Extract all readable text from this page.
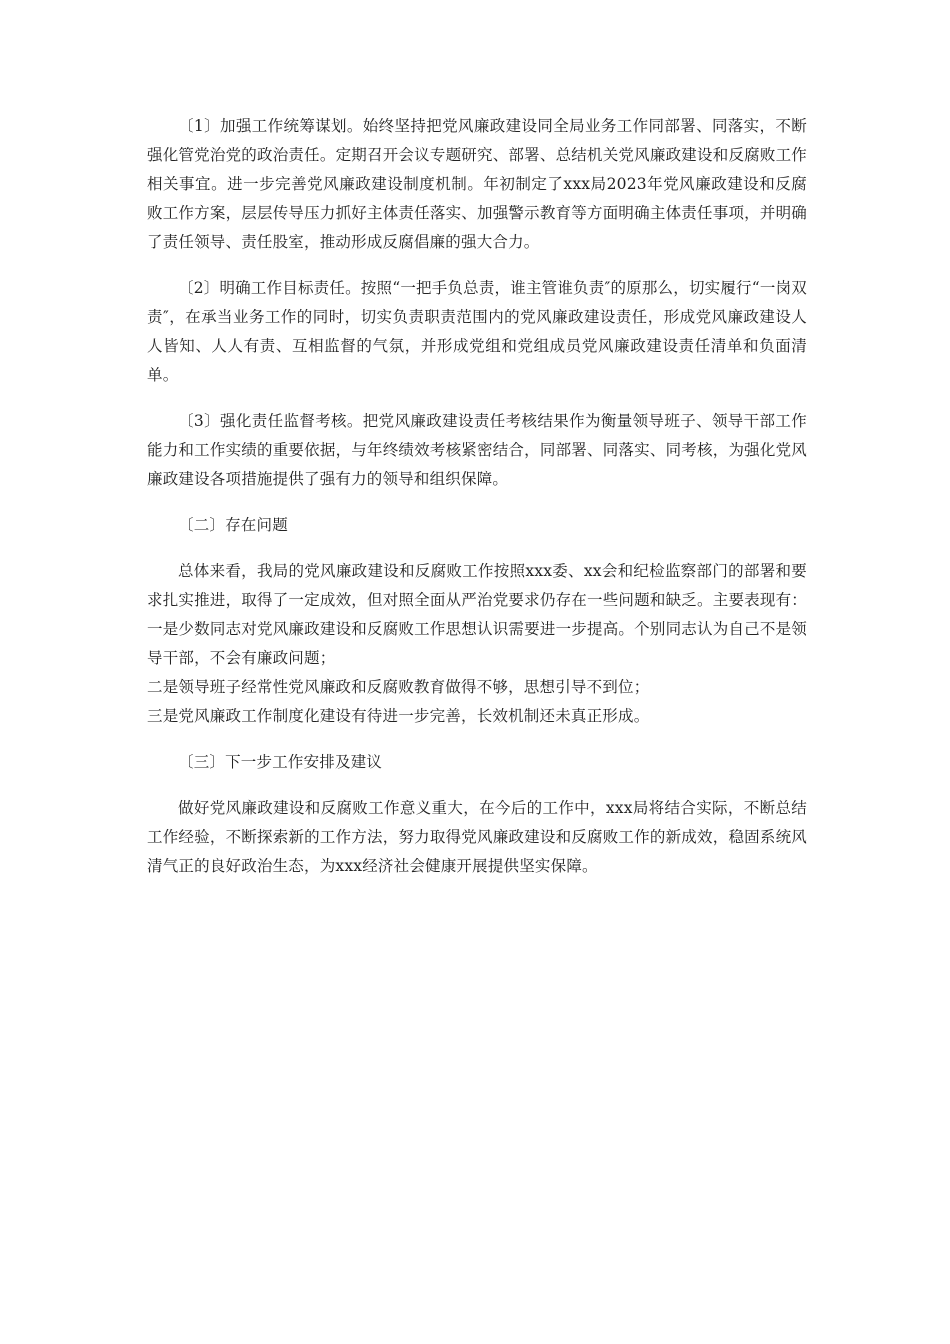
〔1〕加强工作统筹谋划。始终坚持把党风廉政建设同全局业务工作同部署、同落实，不断强化管党治党的政治责任。定期召开会议专题研究、部署、总结机关党风廉政建设和反腐败工作相关事宜。进一步完善党风廉政建设制度机制。年初制定了xxx局2023年党风廉政建设和反腐败工作方案，层层传导压力抓好主体责任落实、加强警示教育等方面明确主体责任事项，并明确了责任领导、责任股室，推动形成反腐倡廉的强大合力。

〔2〕明确工作目标责任。按照“一把手负总责，谁主管谁负责″的原那么，切实履行“一岗双责″，在承当业务工作的同时，切实负责职责范围内的党风廉政建设责任，形成党风廉政建设人人皆知、人人有责、互相监督的气氛，并形成党组和党组成员党风廉政建设责任清单和负面清单。

〔3〕强化责任监督考核。把党风廉政建设责任考核结果作为衡量领导班子、领导干部工作能力和工作实绩的重要依据，与年终绩效考核紧密结合，同部署、同落实、同考核，为强化党风廉政建设各项措施提供了强有力的领导和组织保障。

〔二〕存在问题

总体来看，我局的党风廉政建设和反腐败工作按照xxx委、xx会和纪检监察部门的部署和要求扎实推进，取得了一定成效，但对照全面从严治党要求仍存在一些问题和缺乏。主要表现有：一是少数同志对党风廉政建设和反腐败工作思想认识需要进一步提高。个别同志认为自己不是领导干部，不会有廉政问题；

二是领导班子经常性党风廉政和反腐败教育做得不够，思想引导不到位；

三是党风廉政工作制度化建设有待进一步完善，长效机制还未真正形成。

〔三〕下一步工作安排及建议

做好党风廉政建设和反腐败工作意义重大，在今后的工作中，xxx局将结合实际，不断总结工作经验，不断探索新的工作方法，努力取得党风廉政建设和反腐败工作的新成效，稳固系统风清气正的良好政治生态，为xxx经济社会健康开展提供坚实保障。
